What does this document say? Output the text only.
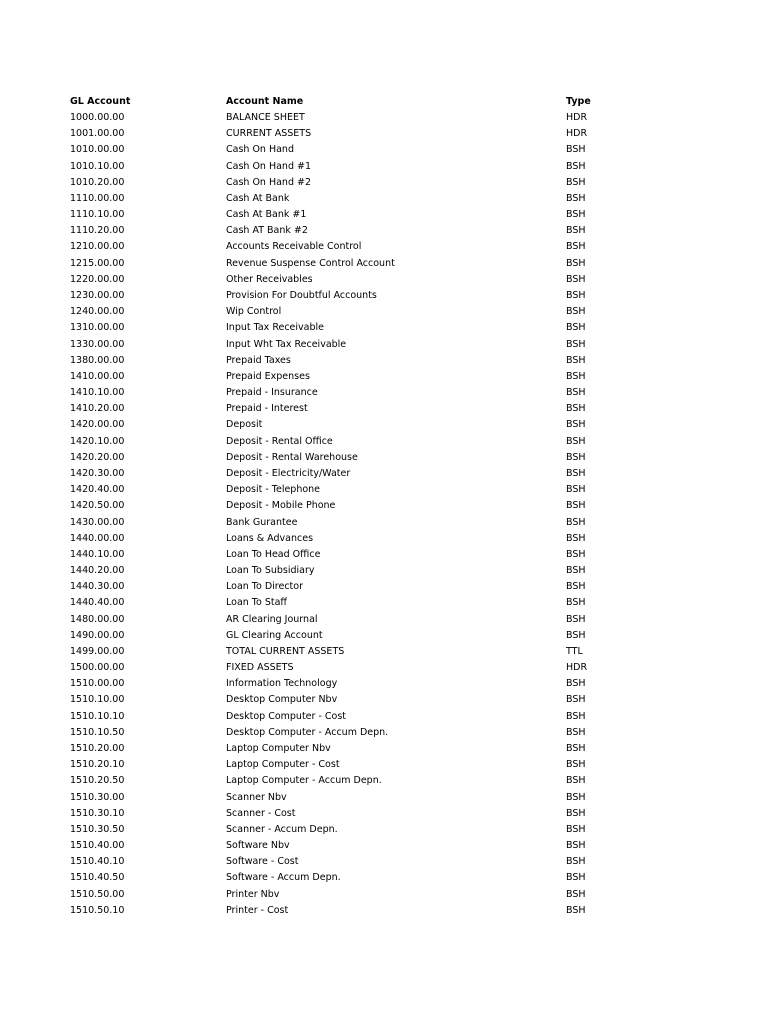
GL Account	Account Name	Type
1000.00.00	BALANCE SHEET	HDR
1001.00.00	CURRENT ASSETS	HDR
1010.00.00	Cash On Hand	BSH
1010.10.00	Cash On Hand #1	BSH
1010.20.00	Cash On Hand #2	BSH
1110.00.00	Cash At Bank	BSH
1110.10.00	Cash At Bank #1	BSH
1110.20.00	Cash AT Bank #2	BSH
1210.00.00	Accounts Receivable Control	BSH
1215.00.00	Revenue Suspense Control Account	BSH
1220.00.00	Other Receivables	BSH
1230.00.00	Provision For Doubtful Accounts	BSH
1240.00.00	Wip Control	BSH
1310.00.00	Input Tax Receivable	BSH
1330.00.00	Input Wht Tax Receivable	BSH
1380.00.00	Prepaid Taxes	BSH
1410.00.00	Prepaid Expenses	BSH
1410.10.00	Prepaid - Insurance	BSH
1410.20.00	Prepaid - Interest	BSH
1420.00.00	Deposit	BSH
1420.10.00	Deposit - Rental Office	BSH
1420.20.00	Deposit - Rental Warehouse	BSH
1420.30.00	Deposit - Electricity/Water	BSH
1420.40.00	Deposit - Telephone	BSH
1420.50.00	Deposit - Mobile Phone	BSH
1430.00.00	Bank Gurantee	BSH
1440.00.00	Loans & Advances	BSH
1440.10.00	Loan To Head Office	BSH
1440.20.00	Loan To Subsidiary	BSH
1440.30.00	Loan To Director	BSH
1440.40.00	Loan To Staff	BSH
1480.00.00	AR Clearing Journal	BSH
1490.00.00	GL Clearing Account	BSH
1499.00.00	TOTAL CURRENT ASSETS	TTL
1500.00.00	FIXED ASSETS	HDR
1510.00.00	Information Technology	BSH
1510.10.00	Desktop Computer Nbv	BSH
1510.10.10	Desktop Computer - Cost	BSH
1510.10.50	Desktop Computer - Accum Depn.	BSH
1510.20.00	Laptop Computer Nbv	BSH
1510.20.10	Laptop Computer - Cost	BSH
1510.20.50	Laptop Computer - Accum Depn.	BSH
1510.30.00	Scanner Nbv	BSH
1510.30.10	Scanner - Cost	BSH
1510.30.50	Scanner - Accum Depn.	BSH
1510.40.00	Software Nbv	BSH
1510.40.10	Software - Cost	BSH
1510.40.50	Software - Accum Depn.	BSH
1510.50.00	Printer Nbv	BSH
1510.50.10	Printer - Cost	BSH
